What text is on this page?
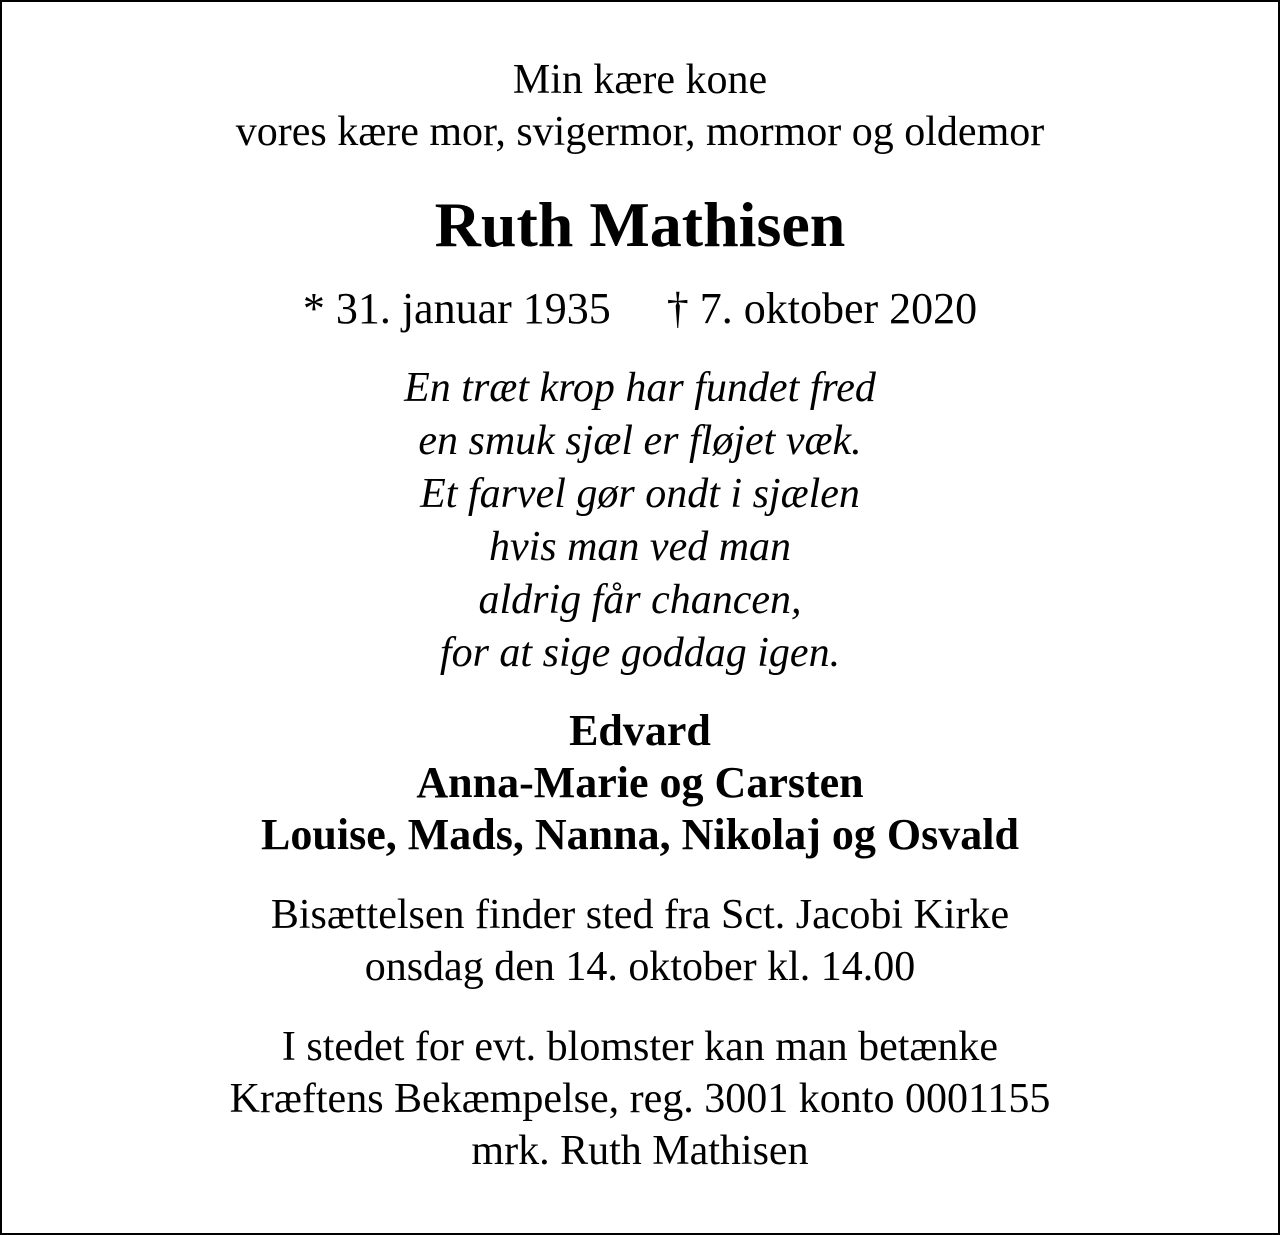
Min kære kone
vores kære mor, svigermor, mormor og oldemor
Ruth Mathisen
* 31. januar 1935 † 7. oktober 2020
En træt krop har fundet fred
en smuk sjæl er fløjet væk.
Et farvel gør ondt i sjælen
hvis man ved man
aldrig får chancen,
for at sige goddag igen.
Edvard
Anna-Marie og Carsten
Louise, Mads, Nanna, Nikolaj og Osvald
Bisættelsen finder sted fra Sct. Jacobi Kirke
onsdag den 14. oktober kl. 14.00
I stedet for evt. blomster kan man betænke
Kræftens Bekæmpelse, reg. 3001 konto 0001155
mrk. Ruth Mathisen
